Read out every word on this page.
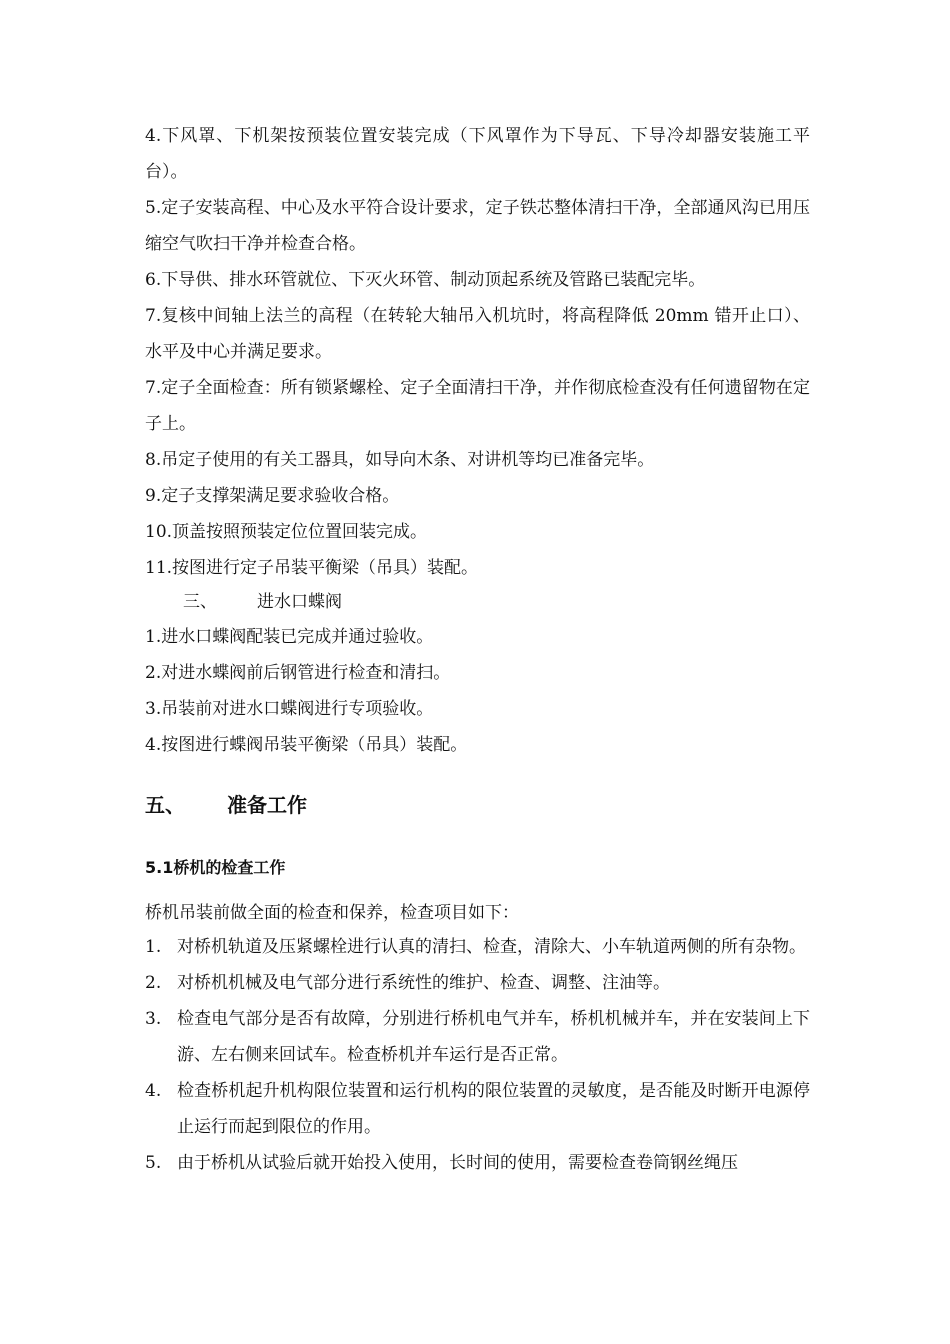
4.下风罩、下机架按预装位置安装完成（下风罩作为下导瓦、下导冷却器安装施工平台）。

5.定子安装高程、中心及水平符合设计要求，定子铁芯整体清扫干净，全部通风沟已用压缩空气吹扫干净并检查合格。

6.下导供、排水环管就位、下灭火环管、制动顶起系统及管路已装配完毕。

7.复核中间轴上法兰的高程（在转轮大轴吊入机坑时，将高程降低 20mm 错开止口）、水平及中心并满足要求。

7.定子全面检查：所有锁紧螺栓、定子全面清扫干净，并作彻底检查没有任何遗留物在定子上。

8.吊定子使用的有关工器具，如导向木条、对讲机等均已准备完毕。

9.定子支撑架满足要求验收合格。

10.顶盖按照预装定位位置回装完成。

11.按图进行定子吊装平衡梁（吊具）装配。

三、 进水口蝶阀

1.进水口蝶阀配装已完成并通过验收。

2.对进水蝶阀前后钢管进行检查和清扫。

3.吊装前对进水口蝶阀进行专项验收。

4.按图进行蝶阀吊装平衡梁（吊具）装配。

五、 准备工作
5.1桥机的检查工作
桥机吊装前做全面的检查和保养，检查项目如下：

1. 对桥机轨道及压紧螺栓进行认真的清扫、检查，清除大、小车轨道两侧的所有杂物。

2. 对桥机机械及电气部分进行系统性的维护、检查、调整、注油等。

3. 检查电气部分是否有故障，分别进行桥机电气并车，桥机机械并车，并在安装间上下游、左右侧来回试车。检查桥机并车运行是否正常。

4. 检查桥机起升机构限位装置和运行机构的限位装置的灵敏度，是否能及时断开电源停止运行而起到限位的作用。

5. 由于桥机从试验后就开始投入使用，长时间的使用，需要检查卷筒钢丝绳压
